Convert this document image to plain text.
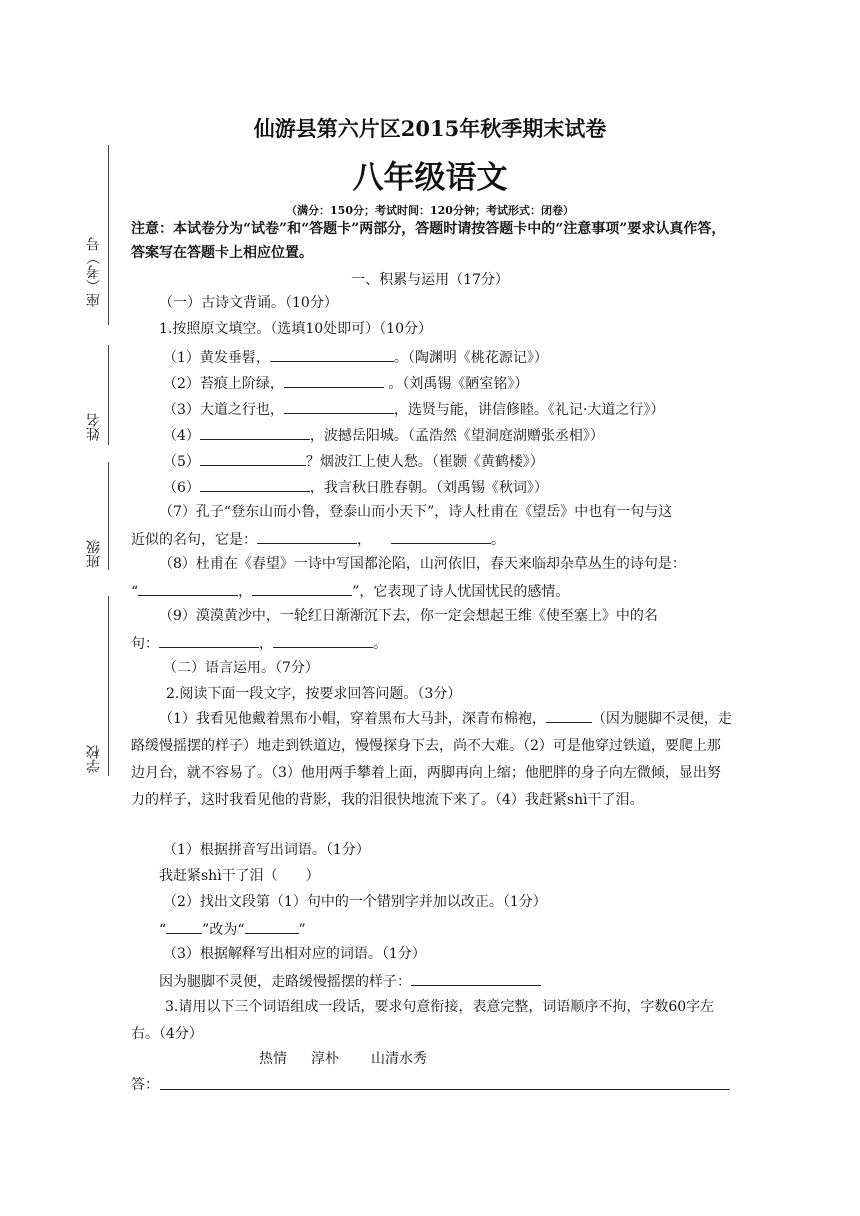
座（考）号
姓名
班级
学校
仙游县第六片区2015年秋季期末试卷
八年级语文
（满分：150分；考试时间：120分钟；考试形式：闭卷）
注意：本试卷分为“试卷”和“答题卡”两部分，答题时请按答题卡中的“注意事项”要求认真作答，答案写在答题卡上相应位置。
一、积累与运用（17分）
（一）古诗文背诵。（10分）
1.按照原文填空。（选填10处即可）（10分）
（1）黄发垂髫，	。（陶渊明《桃花源记》）
（2）苔痕上阶绿，	。（刘禹锡《陋室铭》）
（3）大道之行也，	，选贤与能，讲信修睦。《礼记·大道之行》）
（4）	，波撼岳阳城。（孟浩然《望洞庭湖赠张丞相》）
（5）	？烟波江上使人愁。（崔颢《黄鹤楼》）
（6）	，我言秋日胜春朝。（刘禹锡《秋词》）
（7）孔子“登东山而小鲁，登泰山而小天下”，诗人杜甫在《望岳》中也有一句与这
近似的名句，它是：	，	。
（8）杜甫在《春望》一诗中写国都沦陷，山河依旧，春天来临却杂草丛生的诗句是：
“	，	”，它表现了诗人忧国忧民的感情。
（9）漠漠黄沙中，一轮红日渐渐沉下去，你一定会想起王维《使至塞上》中的名
句：	，	。
（二）语言运用。（7分）
2.阅读下面一段文字，按要求回答问题。（3分）
（1）我看见他戴着黑布小帽，穿着黑布大马卦，深青布棉袍，	（因为腿脚不灵便，走路缓慢摇摆的样子）地走到铁道边，慢慢探身下去，尚不大难。（2）可是他穿过铁道，要爬上那边月台，就不容易了。（3）他用两手攀着上面，两脚再向上缩；他肥胖的身子向左微倾，显出努力的样子，这时我看见他的背影，我的泪很快地流下来了。（4）我赶紧shì干了泪。
（1）根据拼音写出词语。（1分）
我赶紧shì干了泪（　　）
（2）找出文段第（1）句中的一个错别字并加以改正。（1分）
“	”改为“	”
（3）根据解释写出相对应的词语。（1分）
因为腿脚不灵便，走路缓慢摇摆的样子：
3.请用以下三个词语组成一段话，要求句意衔接，表意完整，词语顺序不拘，字数60字左右。（4分）
热情 淳朴 山清水秀
答：
